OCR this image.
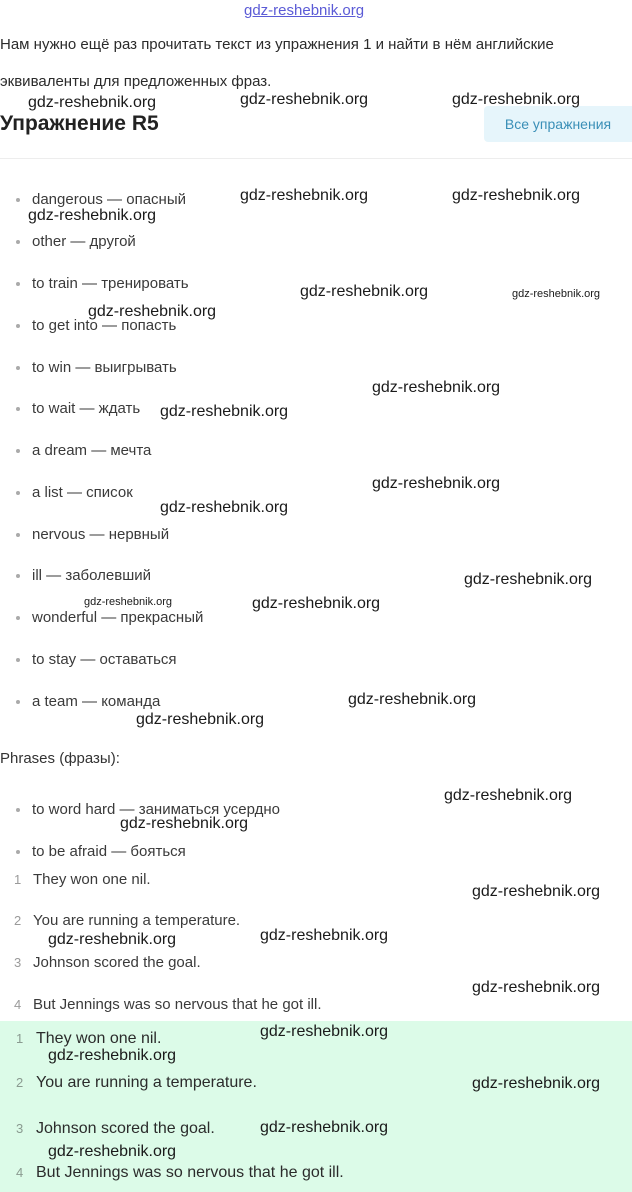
gdz-reshebnik.org
Нам нужно ещё раз прочитать текст из упражнения 1 и найти в нём английские эквиваленты для предложенных фраз.
Упражнение R5	Все упражнения
dangerous — опасный
other — другой
to train — тренировать
to get into — попасть
to win — выигрывать
to wait — ждать
a dream — мечта
a list — список
nervous — нервный
ill — заболевший
wonderful — прекрасный
to stay — оставаться
a team — команда
Phrases (фразы):
to word hard — заниматься усердно
to be afraid — бояться
1 They won one nil.
2 You are running a temperature.
3 Johnson scored the goal.
4 But Jennings was so nervous that he got ill.
1 They won one nil.
2 You are running a temperature.
3 Johnson scored the goal.
4 But Jennings was so nervous that he got ill.
gdz-reshebnik.org	gdz-reshebnik.org	gdz-reshebnik.org
gdz-reshebnik.org	gdz-reshebnik.org
gdz-reshebnik.org
gdz-reshebnik.org	gdz-reshebnik.org
gdz-reshebnik.org
gdz-reshebnik.org
gdz-reshebnik.org
gdz-reshebnik.org
gdz-reshebnik.org
gdz-reshebnik.org
gdz-reshebnik.org	gdz-reshebnik.org
gdz-reshebnik.org
gdz-reshebnik.org
gdz-reshebnik.org
gdz-reshebnik.org
gdz-reshebnik.org
gdz-reshebnik.org	gdz-reshebnik.org
gdz-reshebnik.org
gdz-reshebnik.org
gdz-reshebnik.org
gdz-reshebnik.org
gdz-reshebnik.org
gdz-reshebnik.org
